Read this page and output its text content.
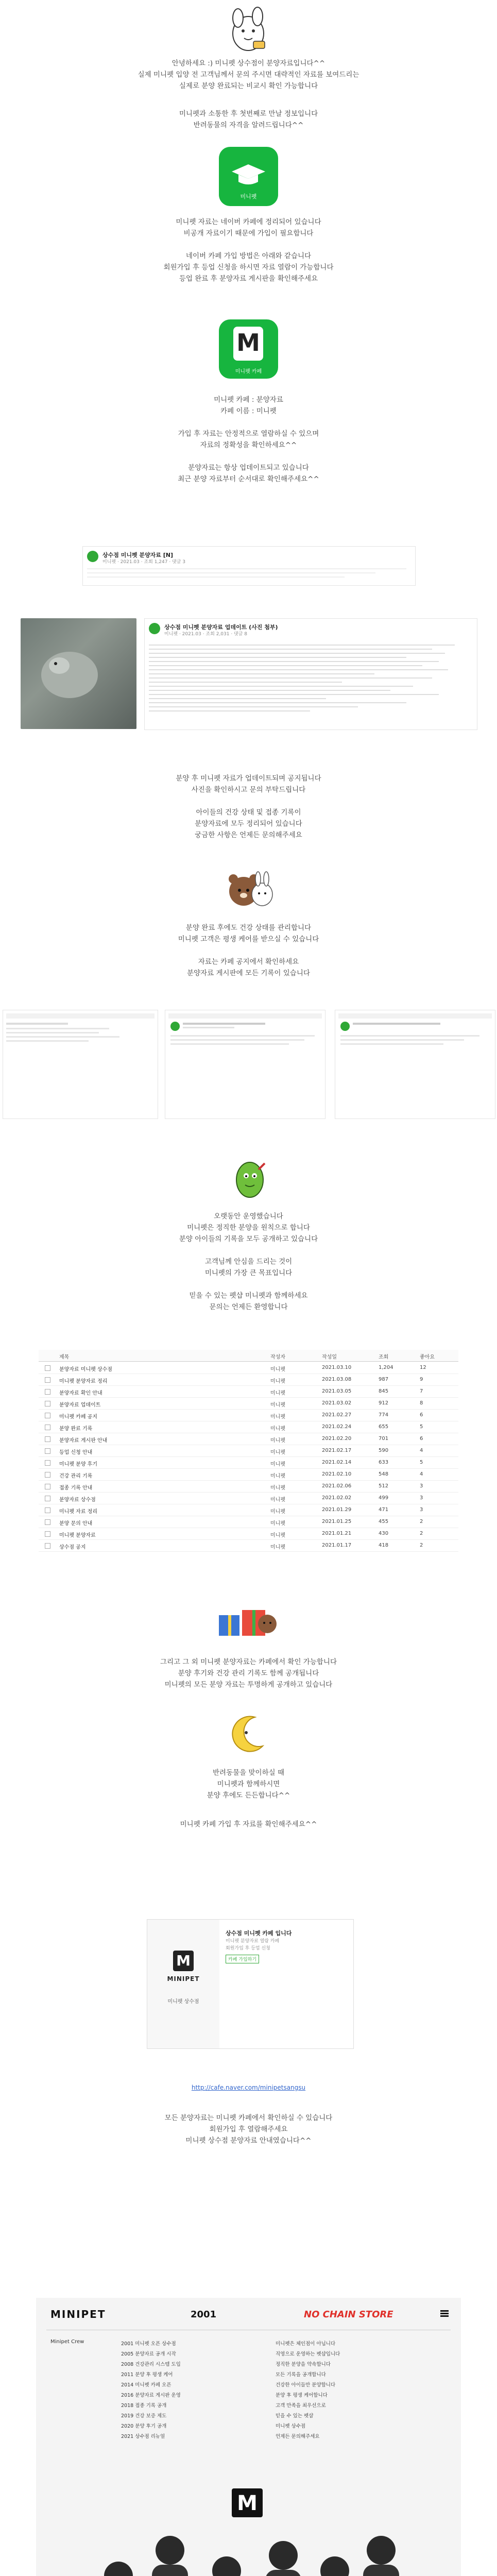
안녕하세요 :) 미니펫 상수점이 분양자료입니다^^
실제 미니펫 입양 전 고객님께서 문의 주시면 대략적인 자료를 보여드리는
실제로 분양 완료되는 비교시 확인 가능합니다
미니펫과 소통한 후 첫번째로 만날 정보입니다
반려동물의 자격을 알려드립니다^^
미니펫
미니펫 자료는 네이버 카페에 정리되어 있습니다
비공개 자료이기 때문에 가입이 필요합니다
네이버 카페 가입 방법은 아래와 같습니다
회원가입 후 등업 신청을 하시면 자료 열람이 가능합니다
등업 완료 후 분양자료 게시판을 확인해주세요
M
미니펫 카페
미니펫 카페 : 분양자료
카페 이름 : 미니펫
가입 후 자료는 안정적으로 열람하실 수 있으며
자료의 정확성을 확인하세요^^
분양자료는 항상 업데이트되고 있습니다
최근 분양 자료부터 순서대로 확인해주세요^^
상수점 미니펫 분양자료 [N]
미니펫 · 2021.03 · 조회 1,247 · 댓글 3
상수점 미니펫 분양자료 업데이트 (사진 첨부)
미니펫 · 2021.03 · 조회 2,031 · 댓글 8
분양 후 미니펫 자료가 업데이트되며 공지됩니다
사진을 확인하시고 문의 부탁드립니다
아이들의 건강 상태 및 접종 기록이
분양자료에 모두 정리되어 있습니다
궁금한 사항은 언제든 문의해주세요
분양 완료 후에도 건강 상태를 관리합니다
미니펫 고객은 평생 케어를 받으실 수 있습니다
자료는 카페 공지에서 확인하세요
분양자료 게시판에 모든 기록이 있습니다
오랫동안 운영했습니다
미니펫은 정직한 분양을 원칙으로 합니다
분양 아이들의 기록을 모두 공개하고 있습니다
고객님께 안심을 드리는 것이
미니펫의 가장 큰 목표입니다
믿을 수 있는 펫샵 미니펫과 함께하세요
문의는 언제든 환영합니다
제목	작성자	작성일	조회	좋아요
분양자료 미니펫 상수점	미니펫	2021.03.10	1,204	12
미니펫 분양자료 정리	미니펫	2021.03.08	987	9
분양자료 확인 안내	미니펫	2021.03.05	845	7
분양자료 업데이트	미니펫	2021.03.02	912	8
미니펫 카페 공지	미니펫	2021.02.27	774	6
분양 완료 기록	미니펫	2021.02.24	655	5
분양자료 게시판 안내	미니펫	2021.02.20	701	6
등업 신청 안내	미니펫	2021.02.17	590	4
미니펫 분양 후기	미니펫	2021.02.14	633	5
건강 관리 기록	미니펫	2021.02.10	548	4
접종 기록 안내	미니펫	2021.02.06	512	3
분양자료 상수점	미니펫	2021.02.02	499	3
미니펫 자료 정리	미니펫	2021.01.29	471	3
분양 문의 안내	미니펫	2021.01.25	455	2
미니펫 분양자료	미니펫	2021.01.21	430	2
상수점 공지	미니펫	2021.01.17	418	2
그리고 그 외 미니펫 분양자료는 카페에서 확인 가능합니다
분양 후기와 건강 관리 기록도 함께 공개됩니다
미니펫의 모든 분양 자료는 투명하게 공개하고 있습니다
반려동물을 맞이하실 때
미니펫과 함께하시면
분양 후에도 든든합니다^^
미니펫 카페 가입 후 자료를 확인해주세요^^
M
MINIPET
미니펫 상수점
상수점 미니펫 카페 입니다
미니펫 분양자료 열람 카페
회원가입 후 등업 신청
카페 가입하기
http://cafe.naver.com/minipetsangsu
모든 분양자료는 미니펫 카페에서 확인하실 수 있습니다
회원가입 후 열람해주세요
미니펫 상수점 분양자료 안내였습니다^^
MINIPET	2001	NO CHAIN STORE
Minipet Crew	2001 미니펫 오픈 상수점
2005 분양자료 공개 시작
2008 건강관리 시스템 도입
2011 분양 후 평생 케어
2014 미니펫 카페 오픈
2016 분양자료 게시판 운영
2018 접종 기록 공개
2019 건강 보증 제도
2020 분양 후기 공개
2021 상수점 리뉴얼
미니펫은 체인점이 아닙니다
직영으로 운영하는 펫샵입니다
정직한 분양을 약속합니다
모든 기록을 공개합니다
건강한 아이들만 분양합니다
분양 후 평생 케어합니다
고객 만족을 최우선으로
믿을 수 있는 펫샵
미니펫 상수점
언제든 문의해주세요
M
